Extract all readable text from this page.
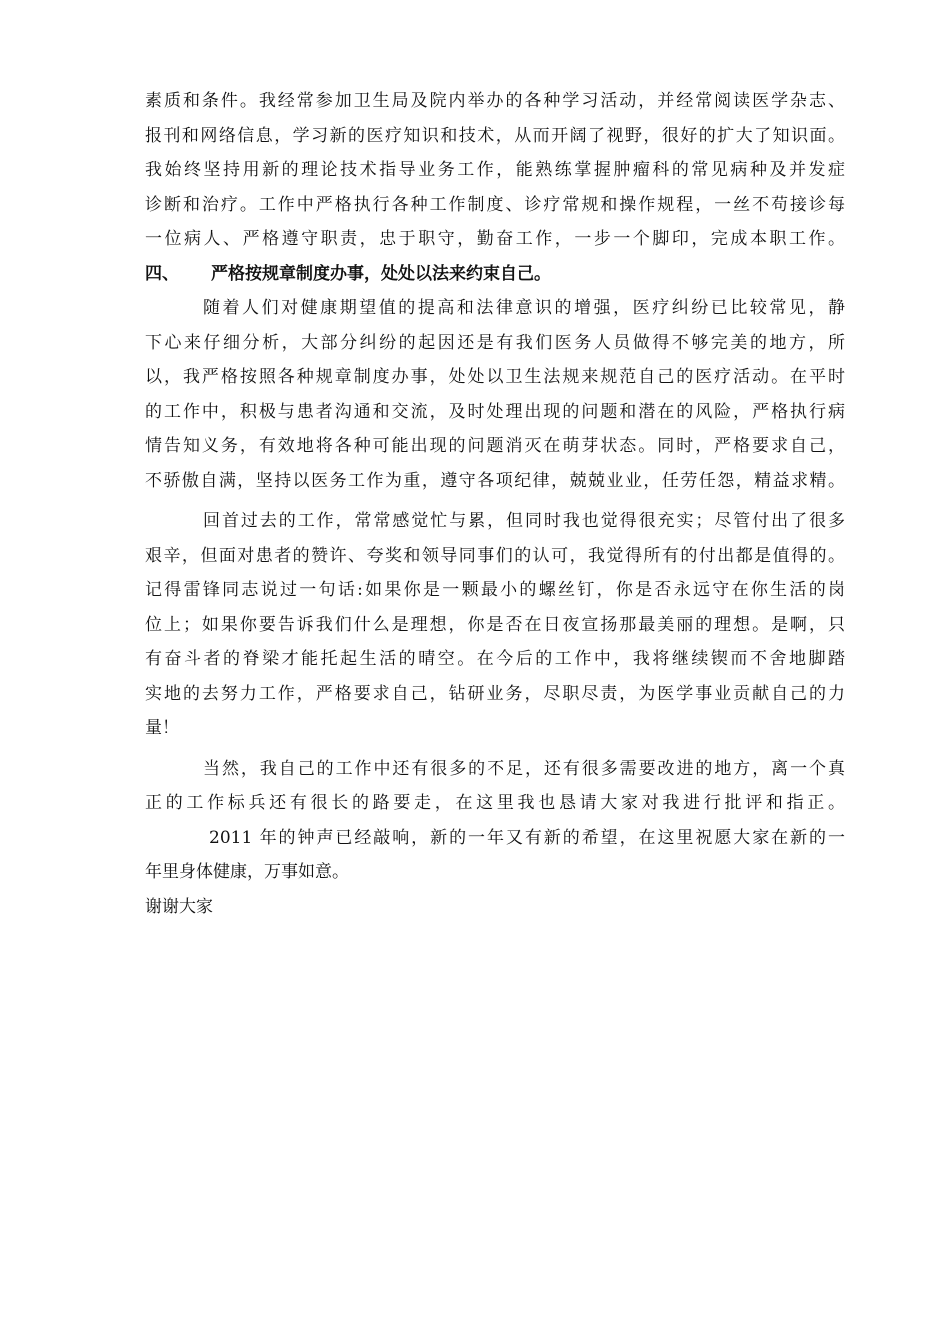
素质和条件。我经常参加卫生局及院内举办的各种学习活动，并经常阅读医学杂志、
报刊和网络信息，学习新的医疗知识和技术，从而开阔了视野，很好的扩大了知识面。
我始终坚持用新的理论技术指导业务工作，能熟练掌握肿瘤科的常见病种及并发症
诊断和治疗。工作中严格执行各种工作制度、诊疗常规和操作规程，一丝不苟接诊每
一位病人、严格遵守职责，忠于职守，勤奋工作，一步一个脚印，完成本职工作。
四、 严格按规章制度办事，处处以法来约束自己。
随着人们对健康期望值的提高和法律意识的增强，医疗纠纷已比较常见，静
下心来仔细分析，大部分纠纷的起因还是有我们医务人员做得不够完美的地方，所
以，我严格按照各种规章制度办事，处处以卫生法规来规范自己的医疗活动。在平时
的工作中，积极与患者沟通和交流，及时处理出现的问题和潜在的风险，严格执行病
情告知义务，有效地将各种可能出现的问题消灭在萌芽状态。同时，严格要求自己，
不骄傲自满，坚持以医务工作为重，遵守各项纪律，兢兢业业，任劳任怨，精益求精。
回首过去的工作，常常感觉忙与累，但同时我也觉得很充实；尽管付出了很多
艰辛，但面对患者的赞许、夸奖和领导同事们的认可，我觉得所有的付出都是值得的。
记得雷锋同志说过一句话:如果你是一颗最小的螺丝钉，你是否永远守在你生活的岗
位上；如果你要告诉我们什么是理想，你是否在日夜宣扬那最美丽的理想。是啊，只
有奋斗者的脊梁才能托起生活的晴空。在今后的工作中，我将继续锲而不舍地脚踏
实地的去努力工作，严格要求自己，钻研业务，尽职尽责，为医学事业贡献自己的力
量！
当然，我自己的工作中还有很多的不足，还有很多需要改进的地方，离一个真
正的工作标兵还有很长的路要走，在这里我也恳请大家对我进行批评和指正。
2011 年的钟声已经敲响，新的一年又有新的希望，在这里祝愿大家在新的一
年里身体健康，万事如意。
谢谢大家
